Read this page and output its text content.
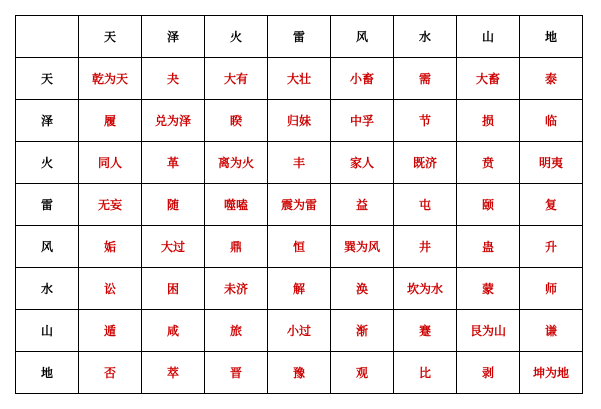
	天	泽	火	雷	风	水	山	地
天	乾为天	夬	大有	大壮	小畜	需	大畜	泰
泽	履	兑为泽	睽	归妹	中孚	节	损	临
火	同人	革	离为火	丰	家人	既济	贲	明夷
雷	无妄	随	噬嗑	震为雷	益	屯	颐	复
风	姤	大过	鼎	恒	巽为风	井	蛊	升
水	讼	困	未济	解	涣	坎为水	蒙	师
山	遁	咸	旅	小过	渐	蹇	艮为山	谦
地	否	萃	晋	豫	观	比	剥	坤为地
